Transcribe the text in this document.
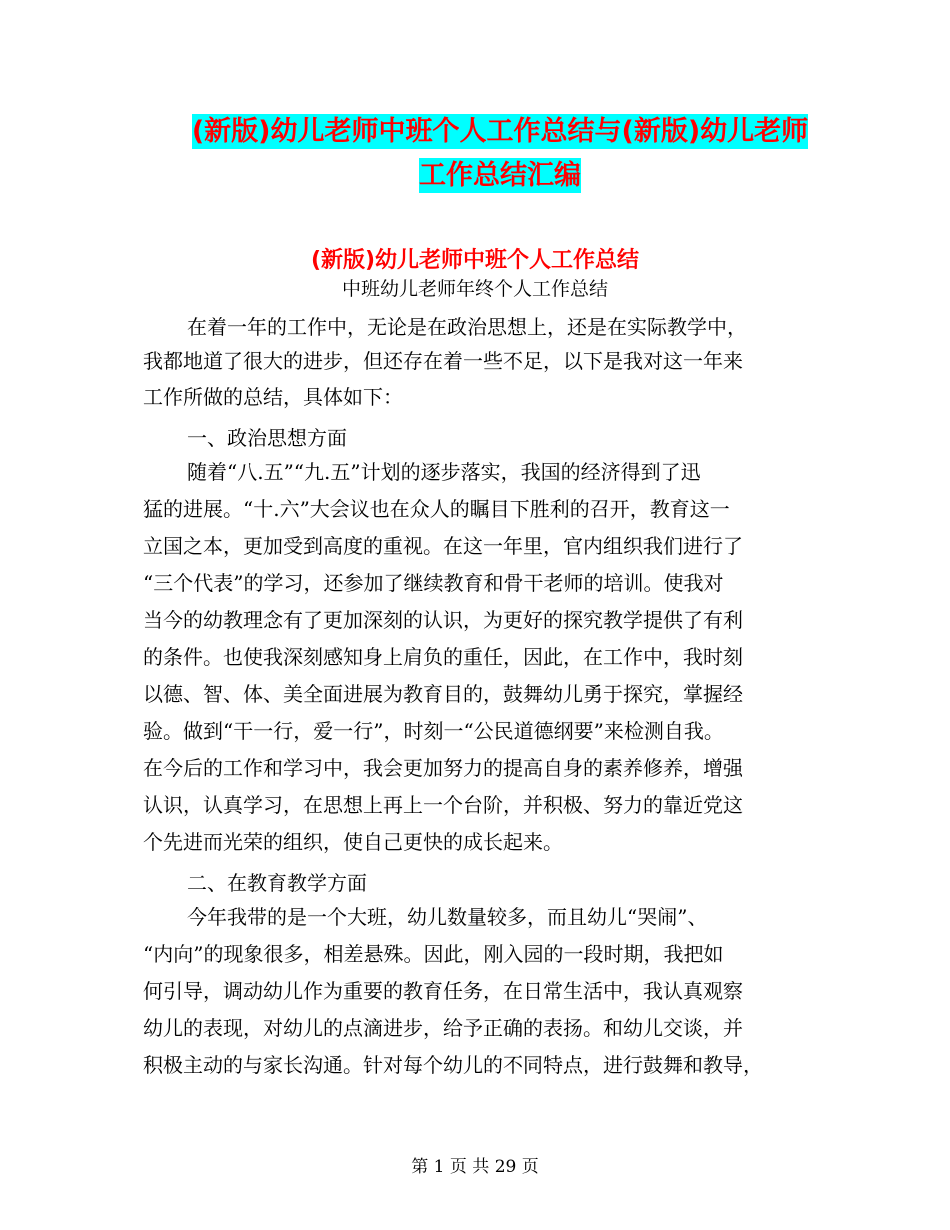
(新版)幼儿老师中班个人工作总结与(新版)幼儿老师
工作总结汇编
(新版)幼儿老师中班个人工作总结
中班幼儿老师年终个人工作总结
在着一年的工作中，无论是在政治思想上，还是在实际教学中，
我都地道了很大的进步，但还存在着一些不足，以下是我对这一年来
工作所做的总结，具体如下：
一、政治思想方面
随着“八.五”“九.五”计划的逐步落实，我国的经济得到了迅
猛的进展。“十.六”大会议也在众人的瞩目下胜利的召开，教育这一
立国之本，更加受到高度的重视。在这一年里，官内组织我们进行了
“三个代表”的学习，还参加了继续教育和骨干老师的培训。使我对
当今的幼教理念有了更加深刻的认识，为更好的探究教学提供了有利
的条件。也使我深刻感知身上肩负的重任，因此，在工作中，我时刻
以德、智、体、美全面进展为教育目的，鼓舞幼儿勇于探究，掌握经
验。做到“干一行，爱一行”，时刻一“公民道德纲要”来检测自我。
在今后的工作和学习中，我会更加努力的提高自身的素养修养，增强
认识，认真学习，在思想上再上一个台阶，并积极、努力的靠近党这
个先进而光荣的组织，使自己更快的成长起来。
二、在教育教学方面
今年我带的是一个大班，幼儿数量较多，而且幼儿“哭闹”、
“内向”的现象很多，相差悬殊。因此，刚入园的一段时期，我把如
何引导，调动幼儿作为重要的教育任务，在日常生活中，我认真观察
幼儿的表现，对幼儿的点滴进步，给予正确的表扬。和幼儿交谈，并
积极主动的与家长沟通。针对每个幼儿的不同特点，进行鼓舞和教导，
第 1 页 共 29 页
